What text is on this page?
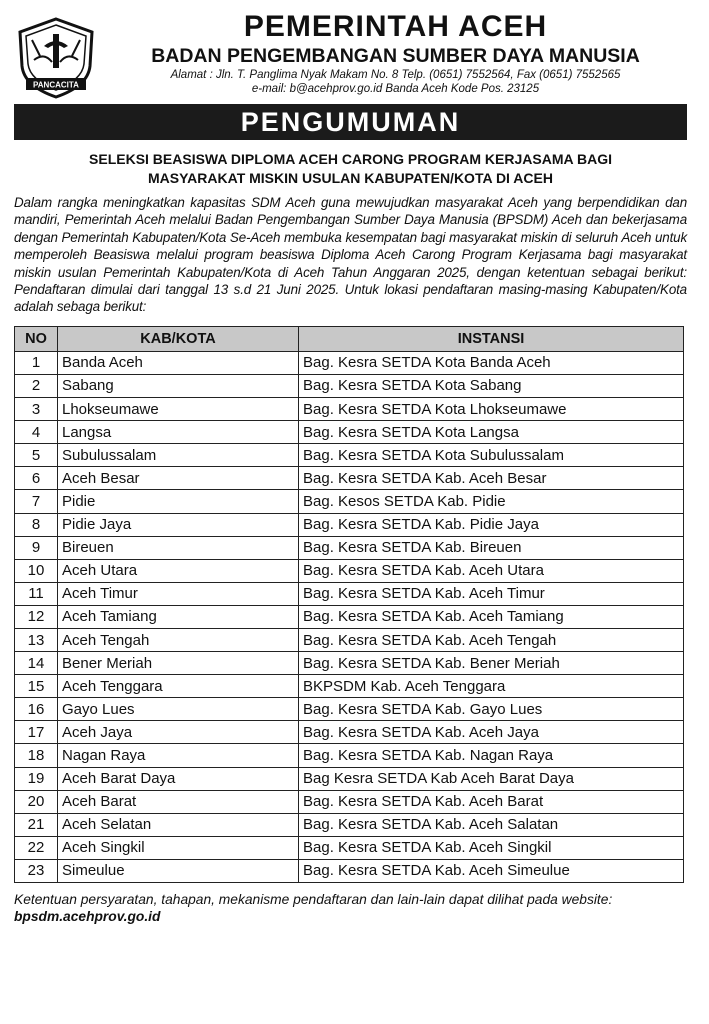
PANCACITA
PEMERINTAH ACEH
BADAN PENGEMBANGAN SUMBER DAYA MANUSIA
Alamat : Jln. T. Panglima Nyak Makam No. 8 Telp. (0651) 7552564, Fax (0651) 7552565
e-mail: b@acehprov.go.id Banda Aceh Kode Pos. 23125
PENGUMUMAN
SELEKSI BEASISWA DIPLOMA ACEH CARONG PROGRAM KERJASAMA BAGI
MASYARAKAT MISKIN USULAN KABUPATEN/KOTA DI ACEH
Dalam rangka meningkatkan kapasitas SDM Aceh guna mewujudkan masyarakat Aceh yang berpendidikan dan mandiri, Pemerintah Aceh melalui Badan Pengembangan Sumber Daya Manusia (BPSDM) Aceh dan bekerjasama dengan Pemerintah Kabupaten/Kota Se-Aceh membuka kesempatan bagi masyarakat miskin di seluruh Aceh untuk memperoleh Beasiswa melalui program beasiswa Diploma Aceh Carong Program Kerjasama bagi masyarakat miskin usulan Pemerintah Kabupaten/Kota di Aceh Tahun Anggaran 2025, dengan ketentuan sebagai berikut: Pendaftaran dimulai dari tanggal 13 s.d 21 Juni 2025. Untuk lokasi pendaftaran masing-masing Kabupaten/Kota adalah sebaga berikut:
NO	KAB/KOTA	INSTANSI
1	Banda Aceh	Bag. Kesra SETDA Kota Banda Aceh
2	Sabang	Bag. Kesra SETDA Kota Sabang
3	Lhokseumawe	Bag. Kesra SETDA Kota Lhokseumawe
4	Langsa	Bag. Kesra SETDA Kota Langsa
5	Subulussalam	Bag. Kesra SETDA Kota Subulussalam
6	Aceh Besar	Bag. Kesra SETDA Kab. Aceh Besar
7	Pidie	Bag. Kesos SETDA Kab. Pidie
8	Pidie Jaya	Bag. Kesra SETDA Kab. Pidie Jaya
9	Bireuen	Bag. Kesra SETDA Kab. Bireuen
10	Aceh Utara	Bag. Kesra SETDA Kab. Aceh Utara
11	Aceh Timur	Bag. Kesra SETDA Kab. Aceh Timur
12	Aceh Tamiang	Bag. Kesra SETDA Kab. Aceh Tamiang
13	Aceh Tengah	Bag. Kesra SETDA Kab. Aceh Tengah
14	Bener Meriah	Bag. Kesra SETDA Kab. Bener Meriah
15	Aceh Tenggara	BKPSDM Kab. Aceh Tenggara
16	Gayo Lues	Bag. Kesra SETDA Kab. Gayo Lues
17	Aceh Jaya	Bag. Kesra SETDA Kab. Aceh Jaya
18	Nagan Raya	Bag. Kesra SETDA Kab. Nagan Raya
19	Aceh Barat Daya	Bag Kesra SETDA Kab Aceh Barat Daya
20	Aceh Barat	Bag. Kesra SETDA Kab. Aceh Barat
21	Aceh Selatan	Bag. Kesra SETDA Kab. Aceh Salatan
22	Aceh Singkil	Bag. Kesra SETDA Kab. Aceh Singkil
23	Simeulue	Bag. Kesra SETDA Kab. Aceh Simeulue
Ketentuan persyaratan, tahapan, mekanisme pendaftaran dan lain-lain dapat dilihat pada website:
bpsdm.acehprov.go.id
